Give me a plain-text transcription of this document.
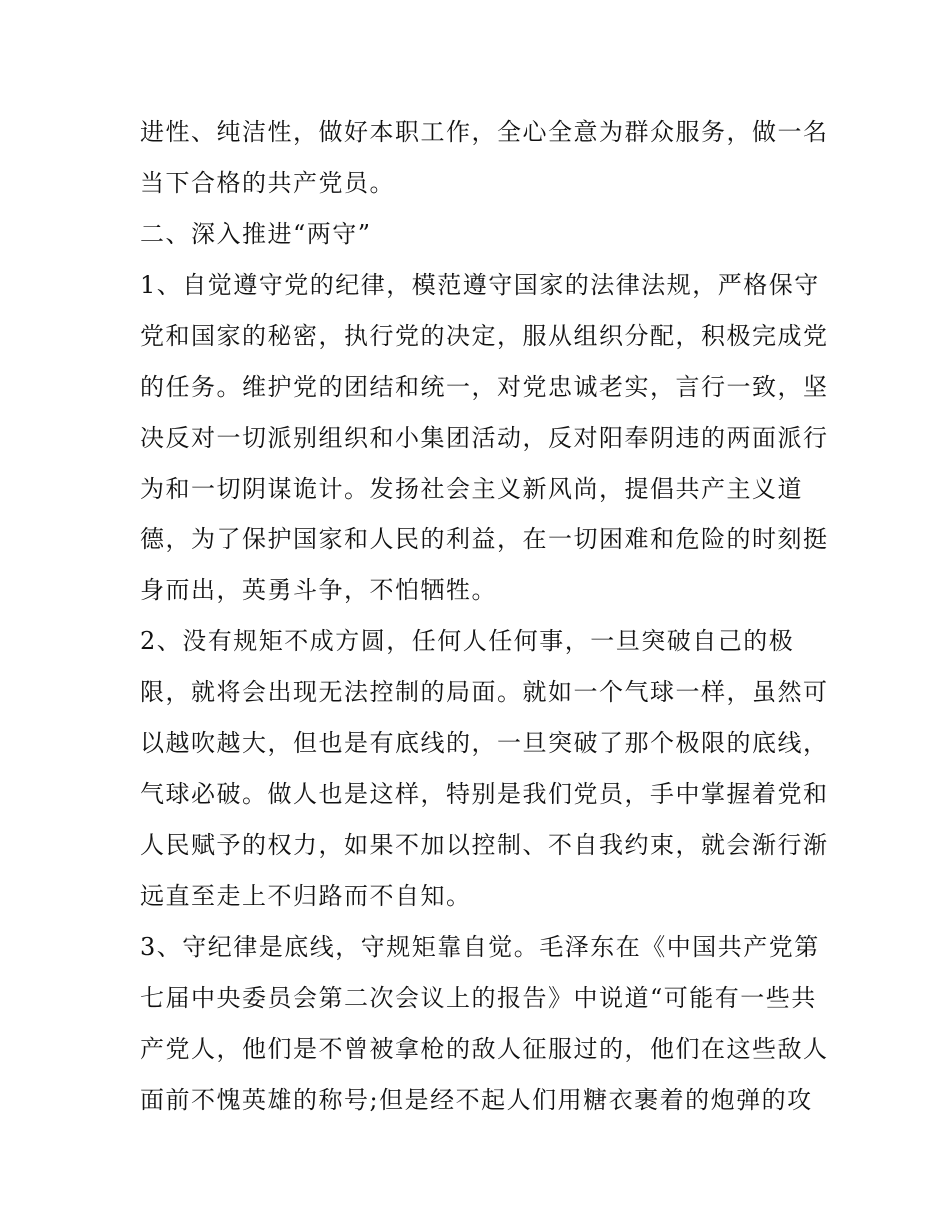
进性、纯洁性，做好本职工作，全心全意为群众服务，做一名

当下合格的共产党员。

二、深入推进“两守”

1、自觉遵守党的纪律，模范遵守国家的法律法规，严格保守

党和国家的秘密，执行党的决定，服从组织分配，积极完成党

的任务。维护党的团结和统一，对党忠诚老实，言行一致，坚

决反对一切派别组织和小集团活动，反对阳奉阴违的两面派行

为和一切阴谋诡计。发扬社会主义新风尚，提倡共产主义道

德，为了保护国家和人民的利益，在一切困难和危险的时刻挺

身而出，英勇斗争，不怕牺牲。

2、没有规矩不成方圆，任何人任何事，一旦突破自己的极

限，就将会出现无法控制的局面。就如一个气球一样，虽然可

以越吹越大，但也是有底线的，一旦突破了那个极限的底线，

气球必破。做人也是这样，特别是我们党员，手中掌握着党和

人民赋予的权力，如果不加以控制、不自我约束，就会渐行渐

远直至走上不归路而不自知。

3、守纪律是底线，守规矩靠自觉。毛泽东在《中国共产党第

七届中央委员会第二次会议上的报告》中说道“可能有一些共

产党人，他们是不曾被拿枪的敌人征服过的，他们在这些敌人

面前不愧英雄的称号;但是经不起人们用糖衣裹着的炮弹的攻
